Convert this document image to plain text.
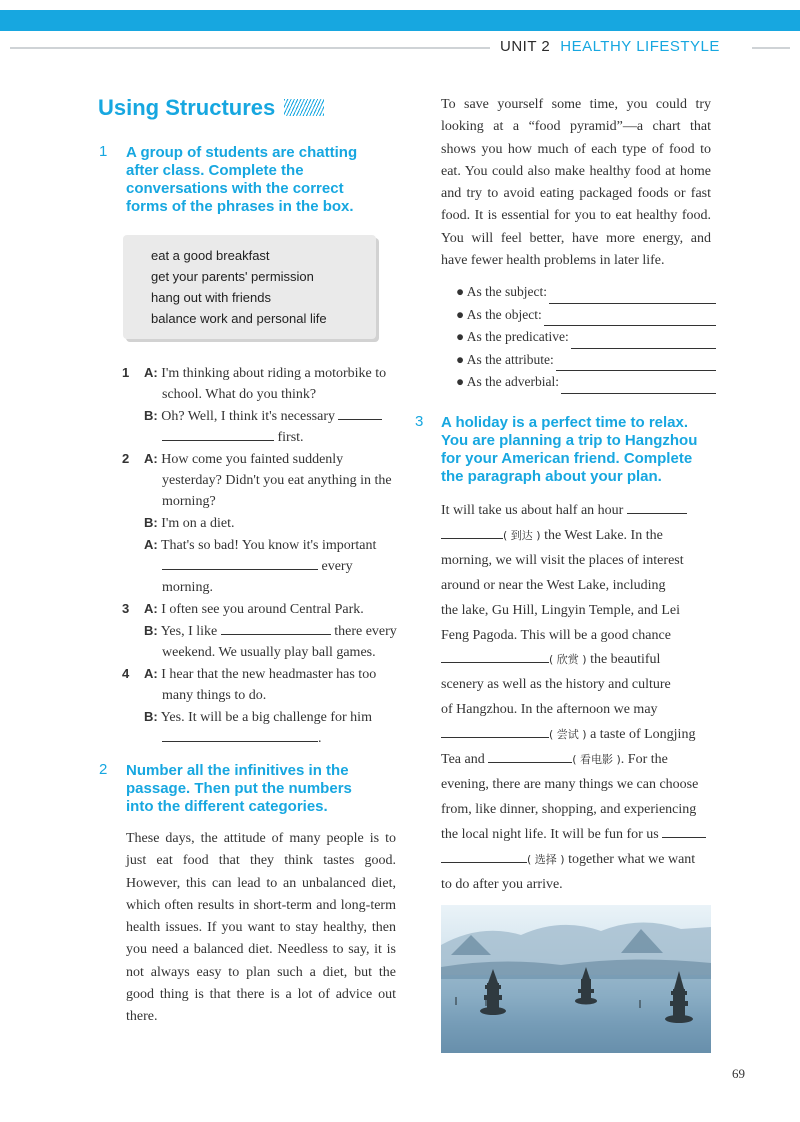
UNIT 2 HEALTHY LIFESTYLE
Using Structures
1 A group of students are chatting
after class. Complete the
conversations with the correct
forms of the phrases in the box.
eat a good breakfast
get your parents' permission
hang out with friends
balance work and personal life
1 A: I'm thinking about riding a motorbike to
school. What do you think?
B: Oh? Well, I think it's necessary
first.
2 A: How come you fainted suddenly
yesterday? Didn't you eat anything in the
morning?
B: I'm on a diet.
A: That's so bad! You know it's important
every
morning.
3 A: I often see you around Central Park.
B: Yes, I like	there every
weekend. We usually play ball games.
4 A: I hear that the new headmaster has too
many things to do.
B: Yes. It will be a big challenge for him
.
2 Number all the infinitives in the
passage. Then put the numbers
into the different categories.
These days, the attitude of many people is to just eat food that they think tastes good. However, this can lead to an unbalanced diet, which often results in short-term and long-term health issues. If you want to stay healthy, then you need a balanced diet. Needless to say, it is not always easy to plan such a diet, but the good thing is that there is a lot of advice out there.
To save yourself some time, you could try looking at a “food pyramid”—a chart that shows you how much of each type of food to eat. You could also make healthy food at home and try to avoid eating packaged foods or fast food. It is essential for you to eat healthy food. You will feel better, have more energy, and have fewer health problems in later life.
● As the subject:
● As the object:
● As the predicative:
● As the attribute:
● As the adverbial:
3 A holiday is a perfect time to relax.
You are planning a trip to Hangzhou
for your American friend. Complete
the paragraph about your plan.
It will take us about half an hour
( 到达 ) the West Lake. In the
morning, we will visit the places of interest
around or near the West Lake, including
the lake, Gu Hill, Lingyin Temple, and Lei
Feng Pagoda. This will be a good chance
( 欣赏 ) the beautiful
scenery as well as the history and culture
of Hangzhou. In the afternoon we may
( 尝试 ) a taste of Longjing
Tea and	( 看电影 ). For the
evening, there are many things we can choose
from, like dinner, shopping, and experiencing
the local night life. It will be fun for us
( 选择 ) together what we want
to do after you arrive.
69
